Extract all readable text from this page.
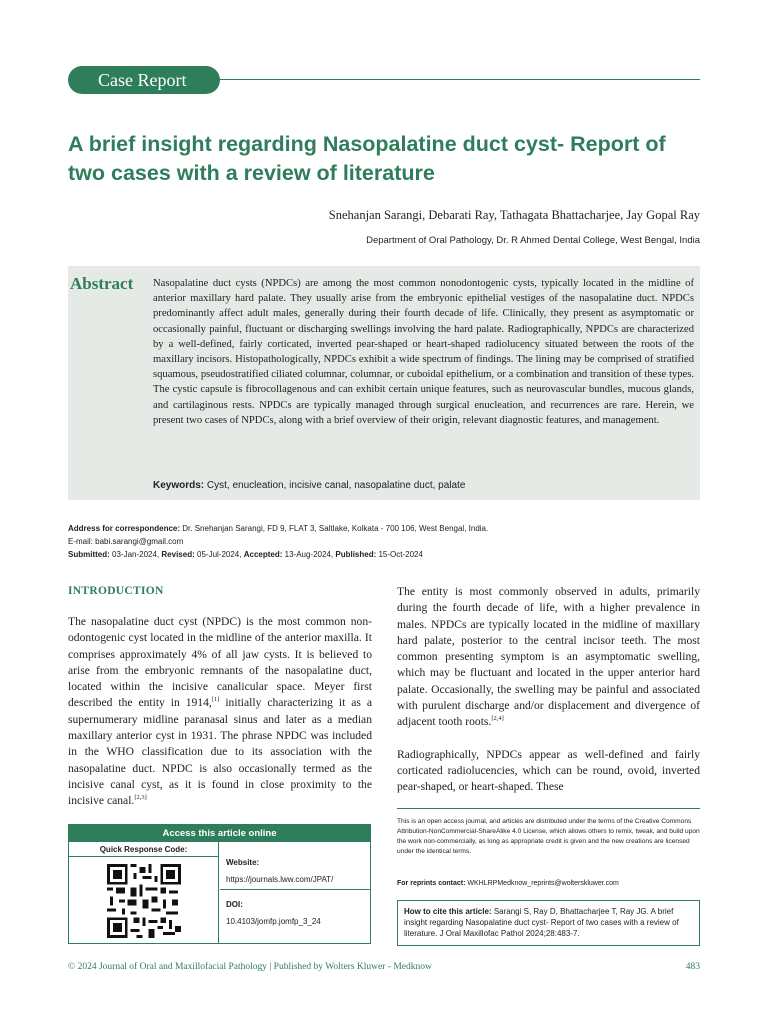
Case Report
A brief insight regarding Nasopalatine duct cyst- Report of two cases with a review of literature
Snehanjan Sarangi, Debarati Ray, Tathagata Bhattacharjee, Jay Gopal Ray
Department of Oral Pathology, Dr. R Ahmed Dental College, West Bengal, India
Abstract Nasopalatine duct cysts (NPDCs) are among the most common nonodontogenic cysts, typically located in the midline of anterior maxillary hard palate. They usually arise from the embryonic epithelial vestiges of the nasopalatine duct. NPDCs predominantly affect adult males, generally during their fourth decade of life. Clinically, they present as asymptomatic or occasionally painful, fluctuant or discharging swellings involving the hard palate. Radiographically, NPDCs are characterized by a well-defined, fairly corticated, inverted pear-shaped or heart-shaped radiolucency situated between the roots of the maxillary incisors. Histopathologically, NPDCs exhibit a wide spectrum of findings. The lining may be comprised of stratified squamous, pseudostratified ciliated columnar, columnar, or cuboidal epithelium, or a combination and transition of these types. The cystic capsule is fibrocollagenous and can exhibit certain unique features, such as neurovascular bundles, mucous glands, and cartilaginous rests. NPDCs are typically managed through surgical enucleation, and recurrences are rare. Herein, we present two cases of NPDCs, along with a brief overview of their origin, relevant diagnostic features, and management.

Keywords: Cyst, enucleation, incisive canal, nasopalatine duct, palate
Address for correspondence: Dr. Snehanjan Sarangi, FD 9, FLAT 3, Saltlake, Kolkata - 700 106, West Bengal, India.
E-mail: babi.sarangi@gmail.com
Submitted: 03-Jan-2024, Revised: 05-Jul-2024, Accepted: 13-Aug-2024, Published: 15-Oct-2024
INTRODUCTION

The nasopalatine duct cyst (NPDC) is the most common non-odontogenic cyst located in the midline of the anterior maxilla. It comprises approximately 4% of all jaw cysts. It is believed to arise from the embryonic remnants of the nasopalatine duct, located within the incisive canalicular space. Meyer first described the entity in 1914,[1] initially characterizing it as a supernumerary midline paranasal sinus and later as a median maxillary anterior cyst in 1931. The phrase NPDC was included in the WHO classification due to its association with the nasopalatine duct. NPDC is also occasionally termed as the incisive canal cyst, as it is found in close proximity to the incisive canal.[2,3]

The entity is most commonly observed in adults, primarily during the fourth decade of life, with a higher prevalence in males. NPDCs are typically located in the midline of maxillary hard palate, posterior to the central incisor teeth. The most common presenting symptom is an asymptomatic swelling, which may be fluctuant and located in the upper anterior hard palate. Occasionally, the swelling may be painful and associated with purulent discharge and/or displacement and divergence of adjacent tooth roots.[2,4]

Radiographically, NPDCs appear as well-defined and fairly corticated radiolucencies, which can be round, ovoid, inverted pear-shaped, or heart-shaped. These

Access this article online
Quick Response Code:
Website:
https://journals.lww.com/JPAT/
DOI:
10.4103/jomfp.jomfp_3_24
This is an open access journal, and articles are distributed under the terms of the Creative Commons Attribution-NonCommercial-ShareAlike 4.0 License, which allows others to remix, tweak, and build upon the work non-commercially, as long as appropriate credit is given and the new creations are licensed under the identical terms.
For reprints contact: WKHLRPMedknow_reprints@wolterskluwer.com
How to cite this article: Sarangi S, Ray D, Bhattacharjee T, Ray JG. A brief insight regarding Nasopalatine duct cyst- Report of two cases with a review of literature. J Oral Maxillofac Pathol 2024;28:483-7.
© 2024 Journal of Oral and Maxillofacial Pathology | Published by Wolters Kluwer - Medknow	483
